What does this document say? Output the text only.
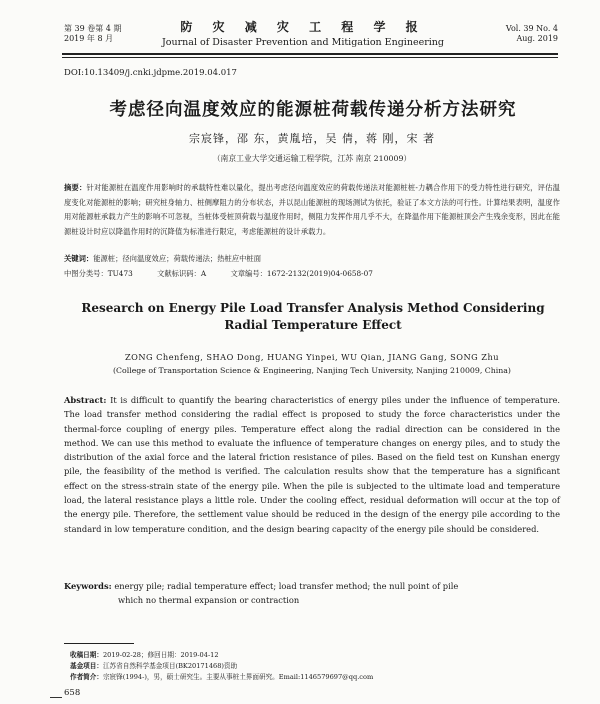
第 39 卷第 4 期
2019 年 8 月
防 灾 减 灾 工 程 学 报
Journal of Disaster Prevention and Mitigation Engineering
Vol. 39 No. 4
Aug. 2019
DOI:10.13409/j.cnki.jdpme.2019.04.017
考虑径向温度效应的能源桩荷载传递分析方法研究
宗宸锋，邵 东，黄胤培，吴 倩，蒋 刚，宋 著
（南京工业大学交通运输工程学院，江苏 南京 210009）
摘要：针对能源桩在温度作用影响时的承载特性难以量化，提出考虑径向温度效应的荷载传递法对能源桩桩-力耦合作用下的受力特性进行研究，评估温度变化对能源桩的影响；研究桩身轴力、桩侧摩阻力的分布状态，并以昆山能源桩的现场测试为依托，验证了本文方法的可行性。计算结果表明，温度作用对能源桩承载力产生的影响不可忽视，当桩体受桩顶荷载与温度作用时，侧阻力发挥作用几乎不大，在降温作用下能源桩顶会产生残余变形，因此在能源桩设计时应以降温作用时的沉降值为标准进行限定，考虑能源桩的设计承载力。
关键词：能源桩；径向温度效应；荷载传递法；热桩应中桩面
中图分类号：TU473	文献标识码：A	文章编号：1672-2132(2019)04-0658-07
Research on Energy Pile Load Transfer Analysis Method Considering Radial Temperature Effect
ZONG Chenfeng, SHAO Dong, HUANG Yinpei, WU Qian, JIANG Gang, SONG Zhu
(College of Transportation Science & Engineering, Nanjing Tech University, Nanjing 210009, China)
Abstract: It is difficult to quantify the bearing characteristics of energy piles under the influence of temperature. The load transfer method considering the radial effect is proposed to study the force characteristics under the thermal-force coupling of energy piles. Temperature effect along the radial direction can be considered in the method. We can use this method to evaluate the influence of temperature changes on energy piles, and to study the distribution of the axial force and the lateral friction resistance of piles. Based on the field test on Kunshan energy pile, the feasibility of the method is verified. The calculation results show that the temperature has a significant effect on the stress-strain state of the energy pile. When the pile is subjected to the ultimate load and temperature load, the lateral resistance plays a little role. Under the cooling effect, residual deformation will occur at the top of the energy pile. Therefore, the settlement value should be reduced in the design of the energy pile according to the standard in low temperature condition, and the design bearing capacity of the energy pile should be considered.
Keywords: energy pile; radial temperature effect; load transfer method; the null point of pile
which no thermal expansion or contraction
收稿日期：2019-02-28；修回日期：2019-04-12
基金项目：江苏省自然科学基金项目(BK20171468)资助
作者简介：宗宸锋(1994-)，男，硕士研究生。主要从事桩土界面研究。Email:1146579697@qq.com
658
